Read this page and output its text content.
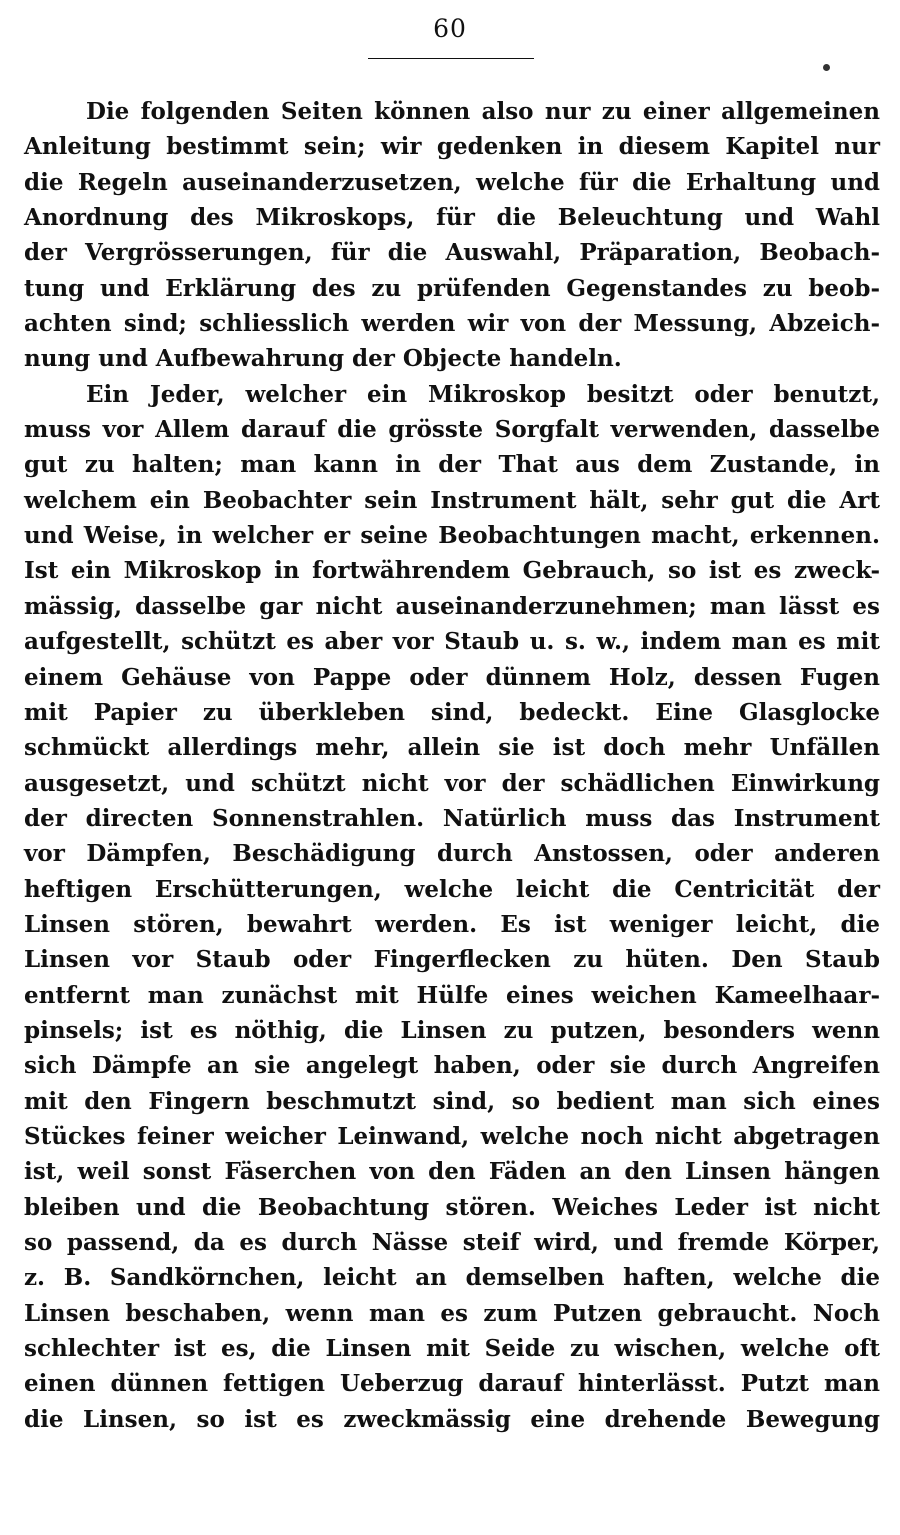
60
Die folgenden Seiten können also nur zu einer allgemeinen
Anleitung bestimmt sein; wir gedenken in diesem Kapitel nur
die Regeln auseinanderzusetzen, welche für die Erhaltung und
Anordnung des Mikroskops, für die Beleuchtung und Wahl
der Vergrösserungen, für die Auswahl, Präparation, Beobach-
tung und Erklärung des zu prüfenden Gegenstandes zu beob-
achten sind; schliesslich werden wir von der Messung, Abzeich-
nung und Aufbewahrung der Objecte handeln.
Ein Jeder, welcher ein Mikroskop besitzt oder benutzt,
muss vor Allem darauf die grösste Sorgfalt verwenden, dasselbe
gut zu halten; man kann in der That aus dem Zustande, in
welchem ein Beobachter sein Instrument hält, sehr gut die Art
und Weise, in welcher er seine Beobachtungen macht, erkennen.
Ist ein Mikroskop in fortwährendem Gebrauch, so ist es zweck-
mässig, dasselbe gar nicht auseinanderzunehmen; man lässt es
aufgestellt, schützt es aber vor Staub u. s. w., indem man es mit
einem Gehäuse von Pappe oder dünnem Holz, dessen Fugen
mit Papier zu überkleben sind, bedeckt. Eine Glasglocke
schmückt allerdings mehr, allein sie ist doch mehr Unfällen
ausgesetzt, und schützt nicht vor der schädlichen Einwirkung
der directen Sonnenstrahlen. Natürlich muss das Instrument
vor Dämpfen, Beschädigung durch Anstossen, oder anderen
heftigen Erschütterungen, welche leicht die Centricität der
Linsen stören, bewahrt werden. Es ist weniger leicht, die
Linsen vor Staub oder Fingerflecken zu hüten. Den Staub
entfernt man zunächst mit Hülfe eines weichen Kameelhaar-
pinsels; ist es nöthig, die Linsen zu putzen, besonders wenn
sich Dämpfe an sie angelegt haben, oder sie durch Angreifen
mit den Fingern beschmutzt sind, so bedient man sich eines
Stückes feiner weicher Leinwand, welche noch nicht abgetragen
ist, weil sonst Fäserchen von den Fäden an den Linsen hängen
bleiben und die Beobachtung stören. Weiches Leder ist nicht
so passend, da es durch Nässe steif wird, und fremde Körper,
z. B. Sandkörnchen, leicht an demselben haften, welche die
Linsen beschaben, wenn man es zum Putzen gebraucht. Noch
schlechter ist es, die Linsen mit Seide zu wischen, welche oft
einen dünnen fettigen Ueberzug darauf hinterlässt. Putzt man
die Linsen, so ist es zweckmässig eine drehende Bewegung
